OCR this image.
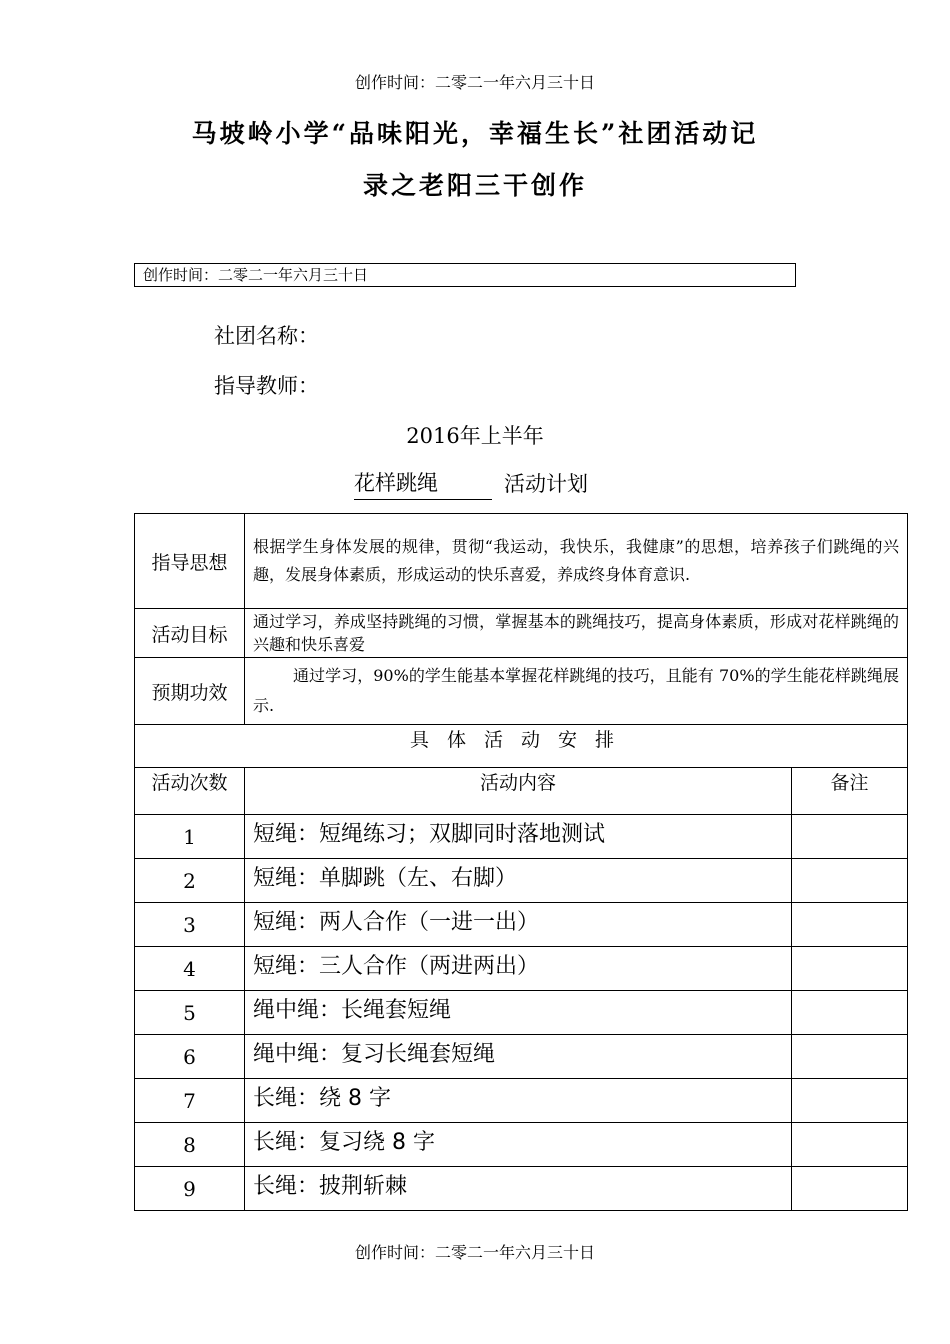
创作时间：二零二一年六月三十日
马坡岭小学“品味阳光，幸福生长”社团活动记
录之老阳三干创作
创作时间：二零二一年六月三十日
社团名称：
指导教师：
2016年上半年
花样跳绳	活动计划
指导思想	根据学生身体发展的规律，贯彻“我运动，我快乐，我健康”的思想，培养孩子们跳绳的兴趣，发展身体素质，形成运动的快乐喜爱，养成终身体育意识.	
活动目标	通过学习，养成坚持跳绳的习惯，掌握基本的跳绳技巧，提高身体素质，形成对花样跳绳的兴趣和快乐喜爱	
预期功效	通过学习，90%的学生能基本掌握花样跳绳的技巧，且能有 70%的学生能花样跳绳展示.	
具体活动安排		
活动次数	活动内容	备注
1	短绳：短绳练习；双脚同时落地测试	
2	短绳：单脚跳（左、右脚）	
3	短绳：两人合作（一进一出）	
4	短绳：三人合作（两进两出）	
5	绳中绳：长绳套短绳	
6	绳中绳：复习长绳套短绳	
7	长绳：绕 8 字	
8	长绳：复习绕 8 字	
9	长绳：披荆斩棘	
创作时间：二零二一年六月三十日
